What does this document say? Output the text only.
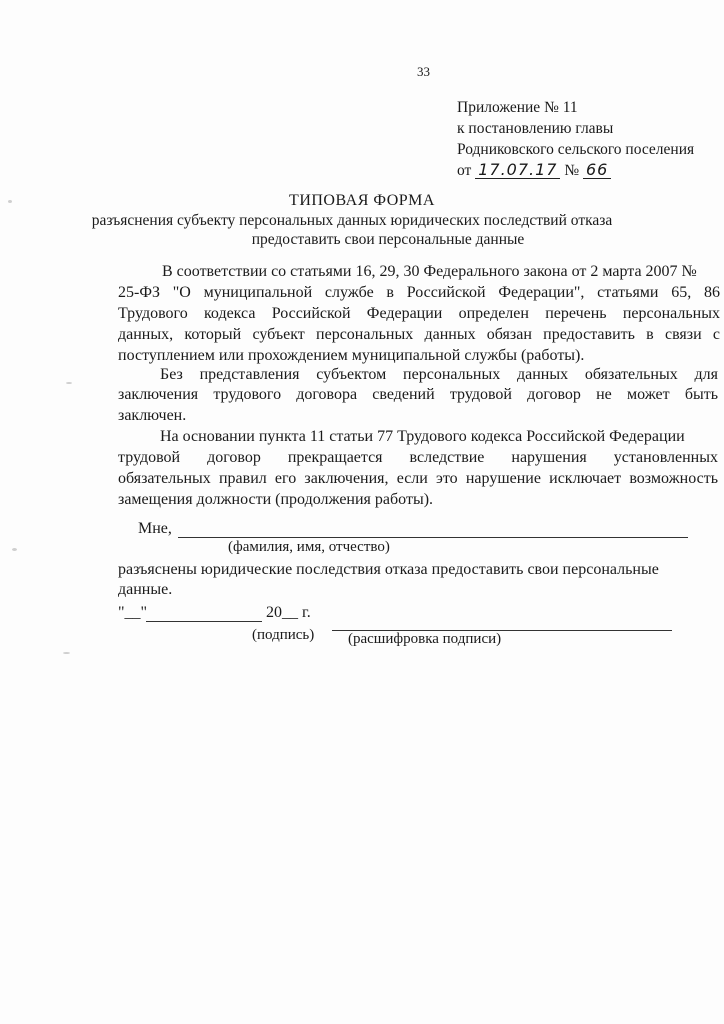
33
Приложение № 11
к постановлению главы
Родниковского сельского поселения
от 17.07.17 № 66
ТИПОВАЯ ФОРМА
разъяснения субъекту персональных данных юридических последствий отказа
предоставить свои персональные данные
В соответствии со статьями 16, 29, 30 Федерального закона от 2 марта 2007 №
25-ФЗ "О муниципальной службе в Российской Федерации", статьями 65, 86
Трудового кодекса Российской Федерации определен перечень персональных
данных, который субъект персональных данных обязан предоставить в связи с
поступлением или прохождением муниципальной службы (работы).
Без представления субъектом персональных данных обязательных для
заключения трудового договора сведений трудовой договор не может быть
заключен.
На основании пункта 11 статьи 77 Трудового кодекса Российской Федерации
трудовой договор прекращается вследствие нарушения установленных
обязательных правил его заключения, если это нарушение исключает возможность
замещения должности (продолжения работы).
Мне,
(фамилия, имя, отчество)
разъяснены юридические последствия отказа предоставить свои персональные
данные.
"__"	20__ г.
(подпись) (расшифровка подписи)
